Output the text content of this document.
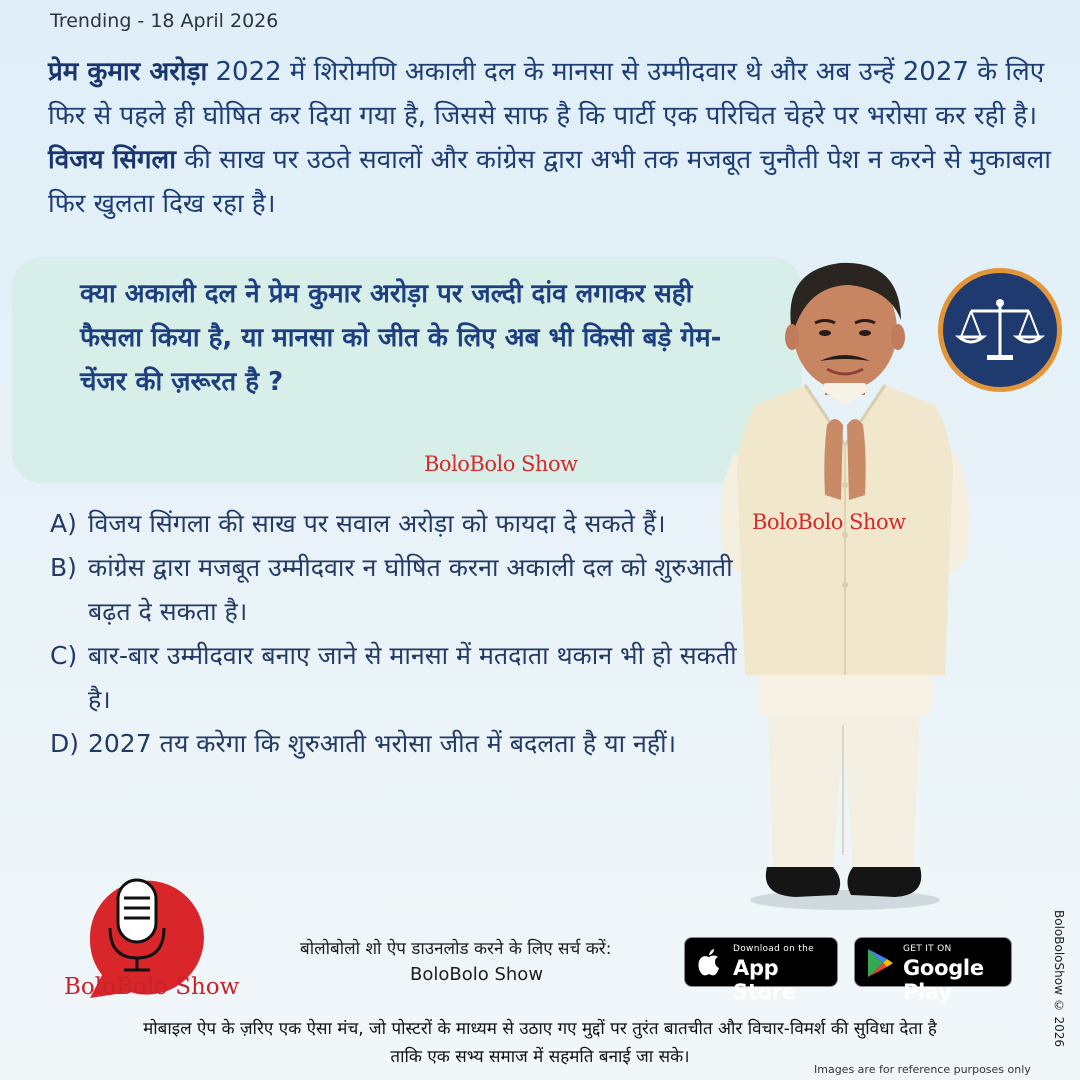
Trending - 18 April 2026

प्रेम कुमार अरोड़ा 2022 में शिरोमणि अकाली दल के मानसा से उम्मीदवार थे और अब उन्हें 2027 के लिए फिर से पहले ही घोषित कर दिया गया है, जिससे साफ है कि पार्टी एक परिचित चेहरे पर भरोसा कर रही है। विजय सिंगला की साख पर उठते सवालों और कांग्रेस द्वारा अभी तक मजबूत चुनौती पेश न करने से मुकाबला फिर खुलता दिख रहा है।

क्या अकाली दल ने प्रेम कुमार अरोड़ा पर जल्दी दांव लगाकर सही फैसला किया है, या मानसा को जीत के लिए अब भी किसी बड़े गेम-चेंजर की ज़रूरत है ?

BoloBolo Show
BoloBolo Show
A) विजय सिंगला की साख पर सवाल अरोड़ा को फायदा दे सकते हैं।
B) कांग्रेस द्वारा मजबूत उम्मीदवार न घोषित करना अकाली दल को शुरुआती बढ़त दे सकता है।
C) बार-बार उम्मीदवार बनाए जाने से मानसा में मतदाता थकान भी हो सकती है।
D) 2027 तय करेगा कि शुरुआती भरोसा जीत में बदलता है या नहीं।
BoloBolo Show
बोलोबोलो शो ऐप डाउनलोड करने के लिए सर्च करें:
BoloBolo Show
Download on the
App Store
GET IT ON
Google Play
मोबाइल ऐप के ज़रिए एक ऐसा मंच, जो पोस्टरों के माध्यम से उठाए गए मुद्दों पर तुरंत बातचीत और विचार-विमर्श की सुविधा देता है
ताकि एक सभ्य समाज में सहमति बनाई जा सके।
Images are for reference purposes only
BoloBoloShow © 2026
